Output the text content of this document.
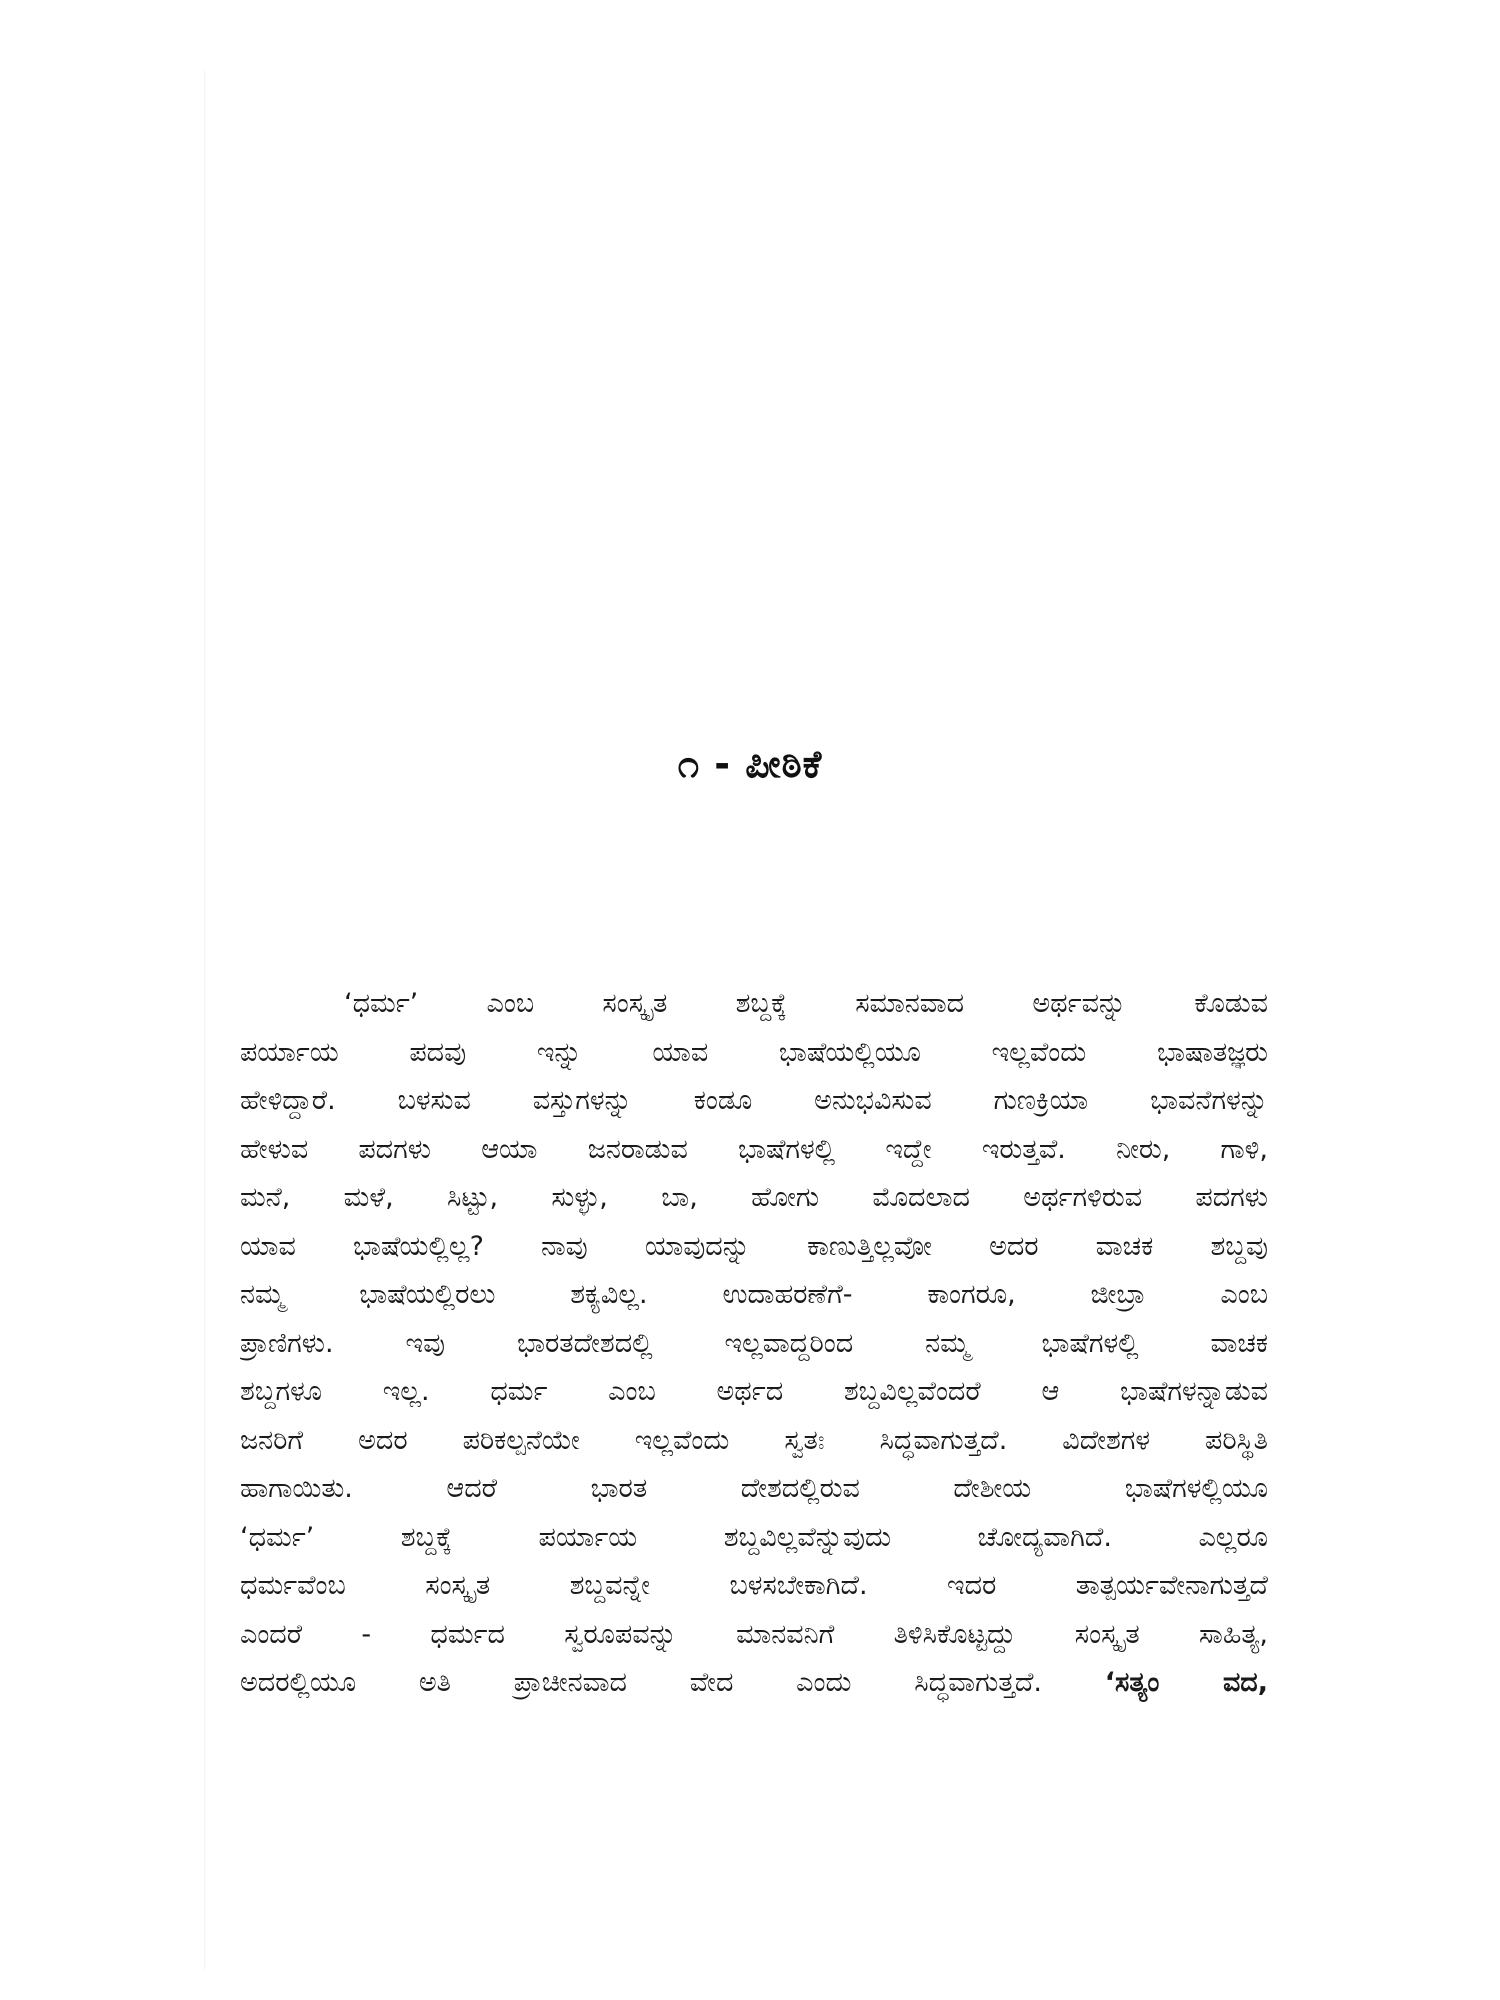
೧ - ಪೀಠಿಕೆ
‘ಧರ್ಮ’ ಎಂಬ ಸಂಸ್ಕೃತ ಶಬ್ದಕ್ಕೆ ಸಮಾನವಾದ ಅರ್ಥವನ್ನು ಕೊಡುವ
ಪರ್ಯಾಯ ಪದವು ಇನ್ನು ಯಾವ ಭಾಷೆಯಲ್ಲಿಯೂ ಇಲ್ಲವೆಂದು ಭಾಷಾತಜ್ಞರು
ಹೇಳಿದ್ದಾರೆ. ಬಳಸುವ ವಸ್ತುಗಳನ್ನು ಕಂಡೂ ಅನುಭವಿಸುವ ಗುಣಕ್ರಿಯಾ ಭಾವನೆಗಳನ್ನು
ಹೇಳುವ ಪದಗಳು ಆಯಾ ಜನರಾಡುವ ಭಾಷೆಗಳಲ್ಲಿ ಇದ್ದೇ ಇರುತ್ತವೆ. ನೀರು, ಗಾಳಿ,
ಮನೆ, ಮಳೆ, ಸಿಟ್ಟು, ಸುಳ್ಳು, ಬಾ, ಹೋಗು ಮೊದಲಾದ ಅರ್ಥಗಳಿರುವ ಪದಗಳು
ಯಾವ ಭಾಷೆಯಲ್ಲಿಲ್ಲ? ನಾವು ಯಾವುದನ್ನು ಕಾಣುತ್ತಿಲ್ಲವೋ ಅದರ ವಾಚಕ ಶಬ್ದವು
ನಮ್ಮ ಭಾಷೆಯಲ್ಲಿರಲು ಶಕ್ಯವಿಲ್ಲ. ಉದಾಹರಣೆಗೆ- ಕಾಂಗರೂ, ಜೀಬ್ರಾ ಎಂಬ
ಪ್ರಾಣಿಗಳು. ಇವು ಭಾರತದೇಶದಲ್ಲಿ ಇಲ್ಲವಾದ್ದರಿಂದ ನಮ್ಮ ಭಾಷೆಗಳಲ್ಲಿ ವಾಚಕ
ಶಬ್ದಗಳೂ ಇಲ್ಲ. ಧರ್ಮ ಎಂಬ ಅರ್ಥದ ಶಬ್ದವಿಲ್ಲವೆಂದರೆ ಆ ಭಾಷೆಗಳನ್ನಾಡುವ
ಜನರಿಗೆ ಅದರ ಪರಿಕಲ್ಪನೆಯೇ ಇಲ್ಲವೆಂದು ಸ್ವತಃ ಸಿದ್ಧವಾಗುತ್ತದೆ. ವಿದೇಶಗಳ ಪರಿಸ್ಥಿತಿ
ಹಾಗಾಯಿತು. ಆದರೆ ಭಾರತ ದೇಶದಲ್ಲಿರುವ ದೇಶೀಯ ಭಾಷೆಗಳಲ್ಲಿಯೂ
‘ಧರ್ಮ’ ಶಬ್ದಕ್ಕೆ ಪರ್ಯಾಯ ಶಬ್ದವಿಲ್ಲವೆನ್ನುವುದು ಚೋದ್ಯವಾಗಿದೆ. ಎಲ್ಲರೂ
ಧರ್ಮವೆಂಬ ಸಂಸ್ಕೃತ ಶಬ್ದವನ್ನೇ ಬಳಸಬೇಕಾಗಿದೆ. ಇದರ ತಾತ್ಪರ್ಯವೇನಾಗುತ್ತದೆ
ಎಂದರೆ - ಧರ್ಮದ ಸ್ವರೂಪವನ್ನು ಮಾನವನಿಗೆ ತಿಳಿಸಿಕೊಟ್ಟದ್ದು ಸಂಸ್ಕೃತ ಸಾಹಿತ್ಯ,
ಅದರಲ್ಲಿಯೂ ಅತಿ ಪ್ರಾಚೀನವಾದ ವೇದ ಎಂದು ಸಿದ್ಧವಾಗುತ್ತದೆ. ‘ಸತ್ಯಂ ವದ,
